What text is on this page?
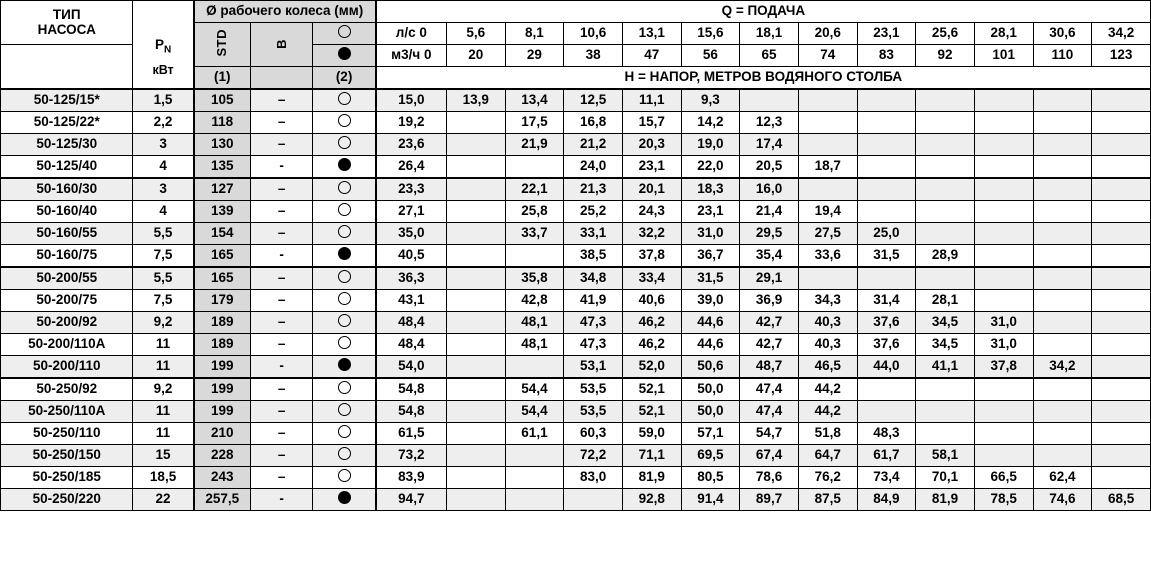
ТИП
НАСОСА

$P_N$
кВт
	Ø рабочего колеса (мм)	Q = ПОДАЧА
		STD	B		л/с 0	5,6	8,1	10,6	13,1	15,6	18,1	20,6	23,1	25,6	28,1	30,6	34,2
					м3/ч 0	20	29	38	47	56	65	74	83	92	101	110	123
		(1)		(2)	H = НАПОР, МЕТРОВ ВОДЯНОГО СТОЛБА												
50-125/15*	1,5	105	–		15,0	13,9	13,4	12,5	11,1	9,3							
50-125/22*	2,2	118	–		19,2		17,5	16,8	15,7	14,2	12,3						
50-125/30	3	130	–		23,6		21,9	21,2	20,3	19,0	17,4						
50-125/40	4	135	-		26,4			24,0	23,1	22,0	20,5	18,7					
50-160/30	3	127	–		23,3		22,1	21,3	20,1	18,3	16,0						
50-160/40	4	139	–		27,1		25,8	25,2	24,3	23,1	21,4	19,4					
50-160/55	5,5	154	–		35,0		33,7	33,1	32,2	31,0	29,5	27,5	25,0				
50-160/75	7,5	165	-		40,5			38,5	37,8	36,7	35,4	33,6	31,5	28,9			
50-200/55	5,5	165	–		36,3		35,8	34,8	33,4	31,5	29,1						
50-200/75	7,5	179	–		43,1		42,8	41,9	40,6	39,0	36,9	34,3	31,4	28,1			
50-200/92	9,2	189	–		48,4		48,1	47,3	46,2	44,6	42,7	40,3	37,6	34,5	31,0		
50-200/110A	11	189	–		48,4		48,1	47,3	46,2	44,6	42,7	40,3	37,6	34,5	31,0		
50-200/110	11	199	-		54,0			53,1	52,0	50,6	48,7	46,5	44,0	41,1	37,8	34,2	
50-250/92	9,2	199	–		54,8		54,4	53,5	52,1	50,0	47,4	44,2					
50-250/110A	11	199	–		54,8		54,4	53,5	52,1	50,0	47,4	44,2					
50-250/110	11	210	–		61,5		61,1	60,3	59,0	57,1	54,7	51,8	48,3				
50-250/150	15	228	–		73,2			72,2	71,1	69,5	67,4	64,7	61,7	58,1			
50-250/185	18,5	243	–		83,9			83,0	81,9	80,5	78,6	76,2	73,4	70,1	66,5	62,4	
50-250/220	22	257,5	-		94,7				92,8	91,4	89,7	87,5	84,9	81,9	78,5	74,6	68,5
